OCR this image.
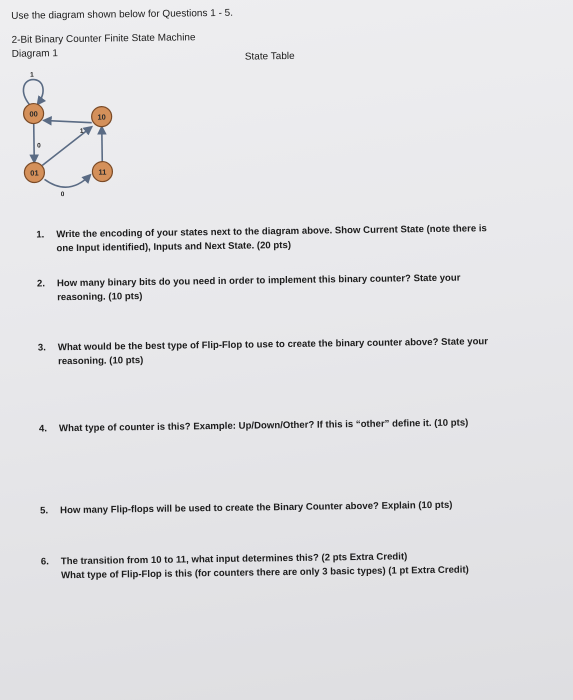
Use the diagram shown below for Questions 1 - 5.
2-Bit Binary Counter Finite State Machine
Diagram 1	State Table
1
0
0
1
00	10
01	11
1. Write the encoding of your states next to the diagram above. Show Current State (note there is
one Input identified), Inputs and Next State. (20 pts)
2. How many binary bits do you need in order to implement this binary counter? State your
reasoning. (10 pts)
3. What would be the best type of Flip-Flop to use to create the binary counter above? State your
reasoning. (10 pts)
4. What type of counter is this? Example: Up/Down/Other? If this is “other” define it. (10 pts)
5. How many Flip-flops will be used to create the Binary Counter above? Explain (10 pts)
6. The transition from 10 to 11, what input determines this? (2 pts Extra Credit)
What type of Flip-Flop is this (for counters there are only 3 basic types) (1 pt Extra Credit)
